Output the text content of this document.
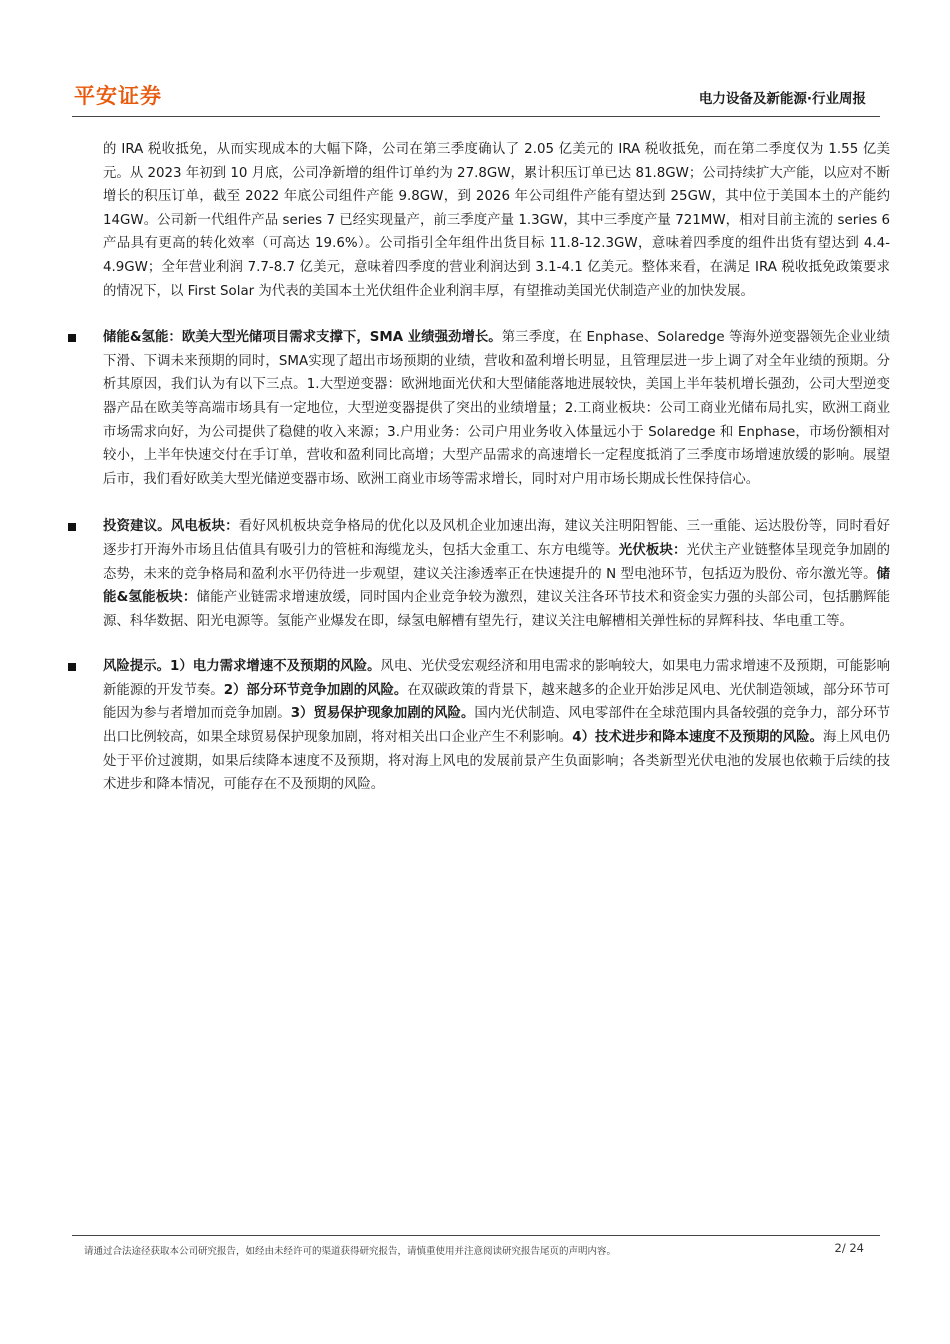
平安证券	电力设备及新能源·行业周报

的 IRA 税收抵免，从而实现成本的大幅下降，公司在第三季度确认了 2.05 亿美元的 IRA 税收抵免，而在第二季度仅为 1.55 亿美元。从 2023 年初到 10 月底，公司净新增的组件订单约为 27.8GW，累计积压订单已达 81.8GW；公司持续扩大产能，以应对不断增长的积压订单，截至 2022 年底公司组件产能 9.8GW，到 2026 年公司组件产能有望达到 25GW，其中位于美国本土的产能约 14GW。公司新一代组件产品 series 7 已经实现量产，前三季度产量 1.3GW，其中三季度产量 721MW，相对目前主流的 series 6 产品具有更高的转化效率（可高达 19.6%）。公司指引全年组件出货目标 11.8-12.3GW，意味着四季度的组件出货有望达到 4.4-4.9GW；全年营业利润 7.7-8.7 亿美元，意味着四季度的营业利润达到 3.1-4.1 亿美元。整体来看，在满足 IRA 税收抵免政策要求的情况下，以 First Solar 为代表的美国本土光伏组件企业利润丰厚，有望推动美国光伏制造产业的加快发展。

储能&氢能：欧美大型光储项目需求支撑下，SMA 业绩强劲增长。第三季度，在 Enphase、Solaredge 等海外逆变器领先企业业绩下滑、下调未来预期的同时，SMA实现了超出市场预期的业绩，营收和盈利增长明显，且管理层进一步上调了对全年业绩的预期。分析其原因，我们认为有以下三点。1.大型逆变器：欧洲地面光伏和大型储能落地进展较快，美国上半年装机增长强劲，公司大型逆变器产品在欧美等高端市场具有一定地位，大型逆变器提供了突出的业绩增量；2.工商业板块：公司工商业光储布局扎实，欧洲工商业市场需求向好，为公司提供了稳健的收入来源；3.户用业务：公司户用业务收入体量远小于 Solaredge 和 Enphase，市场份额相对较小，上半年快速交付在手订单，营收和盈利同比高增；大型产品需求的高速增长一定程度抵消了三季度市场增速放缓的影响。展望后市，我们看好欧美大型光储逆变器市场、欧洲工商业市场等需求增长，同时对户用市场长期成长性保持信心。

投资建议。风电板块：看好风机板块竞争格局的优化以及风机企业加速出海，建议关注明阳智能、三一重能、运达股份等，同时看好逐步打开海外市场且估值具有吸引力的管桩和海缆龙头，包括大金重工、东方电缆等。光伏板块：光伏主产业链整体呈现竞争加剧的态势，未来的竞争格局和盈利水平仍待进一步观望，建议关注渗透率正在快速提升的 N 型电池环节，包括迈为股份、帝尔激光等。储能&氢能板块：储能产业链需求增速放缓，同时国内企业竞争较为激烈，建议关注各环节技术和资金实力强的头部公司，包括鹏辉能源、科华数据、阳光电源等。氢能产业爆发在即，绿氢电解槽有望先行，建议关注电解槽相关弹性标的昇辉科技、华电重工等。

风险提示。1）电力需求增速不及预期的风险。风电、光伏受宏观经济和用电需求的影响较大，如果电力需求增速不及预期，可能影响新能源的开发节奏。2）部分环节竞争加剧的风险。在双碳政策的背景下，越来越多的企业开始涉足风电、光伏制造领域，部分环节可能因为参与者增加而竞争加剧。3）贸易保护现象加剧的风险。国内光伏制造、风电零部件在全球范围内具备较强的竞争力，部分环节出口比例较高，如果全球贸易保护现象加剧，将对相关出口企业产生不利影响。4）技术进步和降本速度不及预期的风险。海上风电仍处于平价过渡期，如果后续降本速度不及预期，将对海上风电的发展前景产生负面影响；各类新型光伏电池的发展也依赖于后续的技术进步和降本情况，可能存在不及预期的风险。

请通过合法途径获取本公司研究报告，如经由未经许可的渠道获得研究报告，请慎重使用并注意阅读研究报告尾页的声明内容。	2/ 24
